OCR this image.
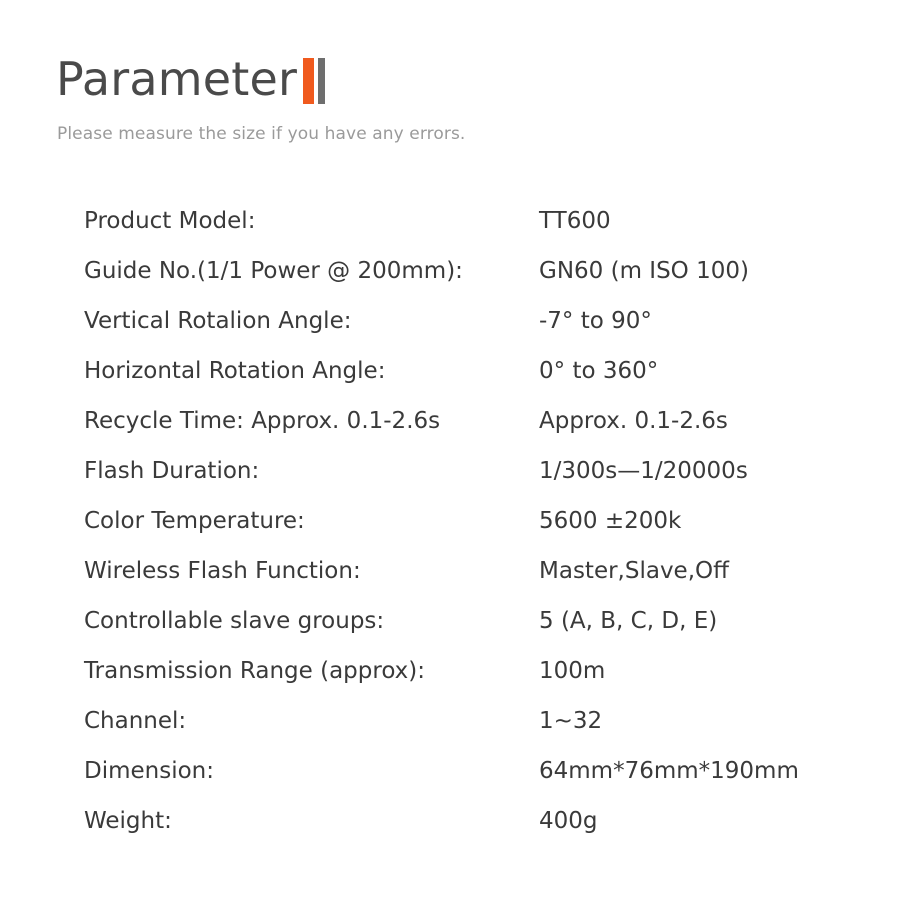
Parameter
Please measure the size if you have any errors.
Product Model:	TT600
Guide No.(1/1 Power @ 200mm):	GN60 (m ISO 100)
Vertical Rotalion Angle:	-7° to 90°
Horizontal Rotation Angle:	0° to 360°
Recycle Time: Approx. 0.1-2.6s	Approx. 0.1-2.6s
Flash Duration:	1/300s—1/20000s
Color Temperature:	5600 ±200k
Wireless Flash Function:	Master,Slave,Off
Controllable slave groups:	5 (A, B, C, D, E)
Transmission Range (approx):	100m
Channel:	1~32
Dimension:	64mm*76mm*190mm
Weight:	400g
